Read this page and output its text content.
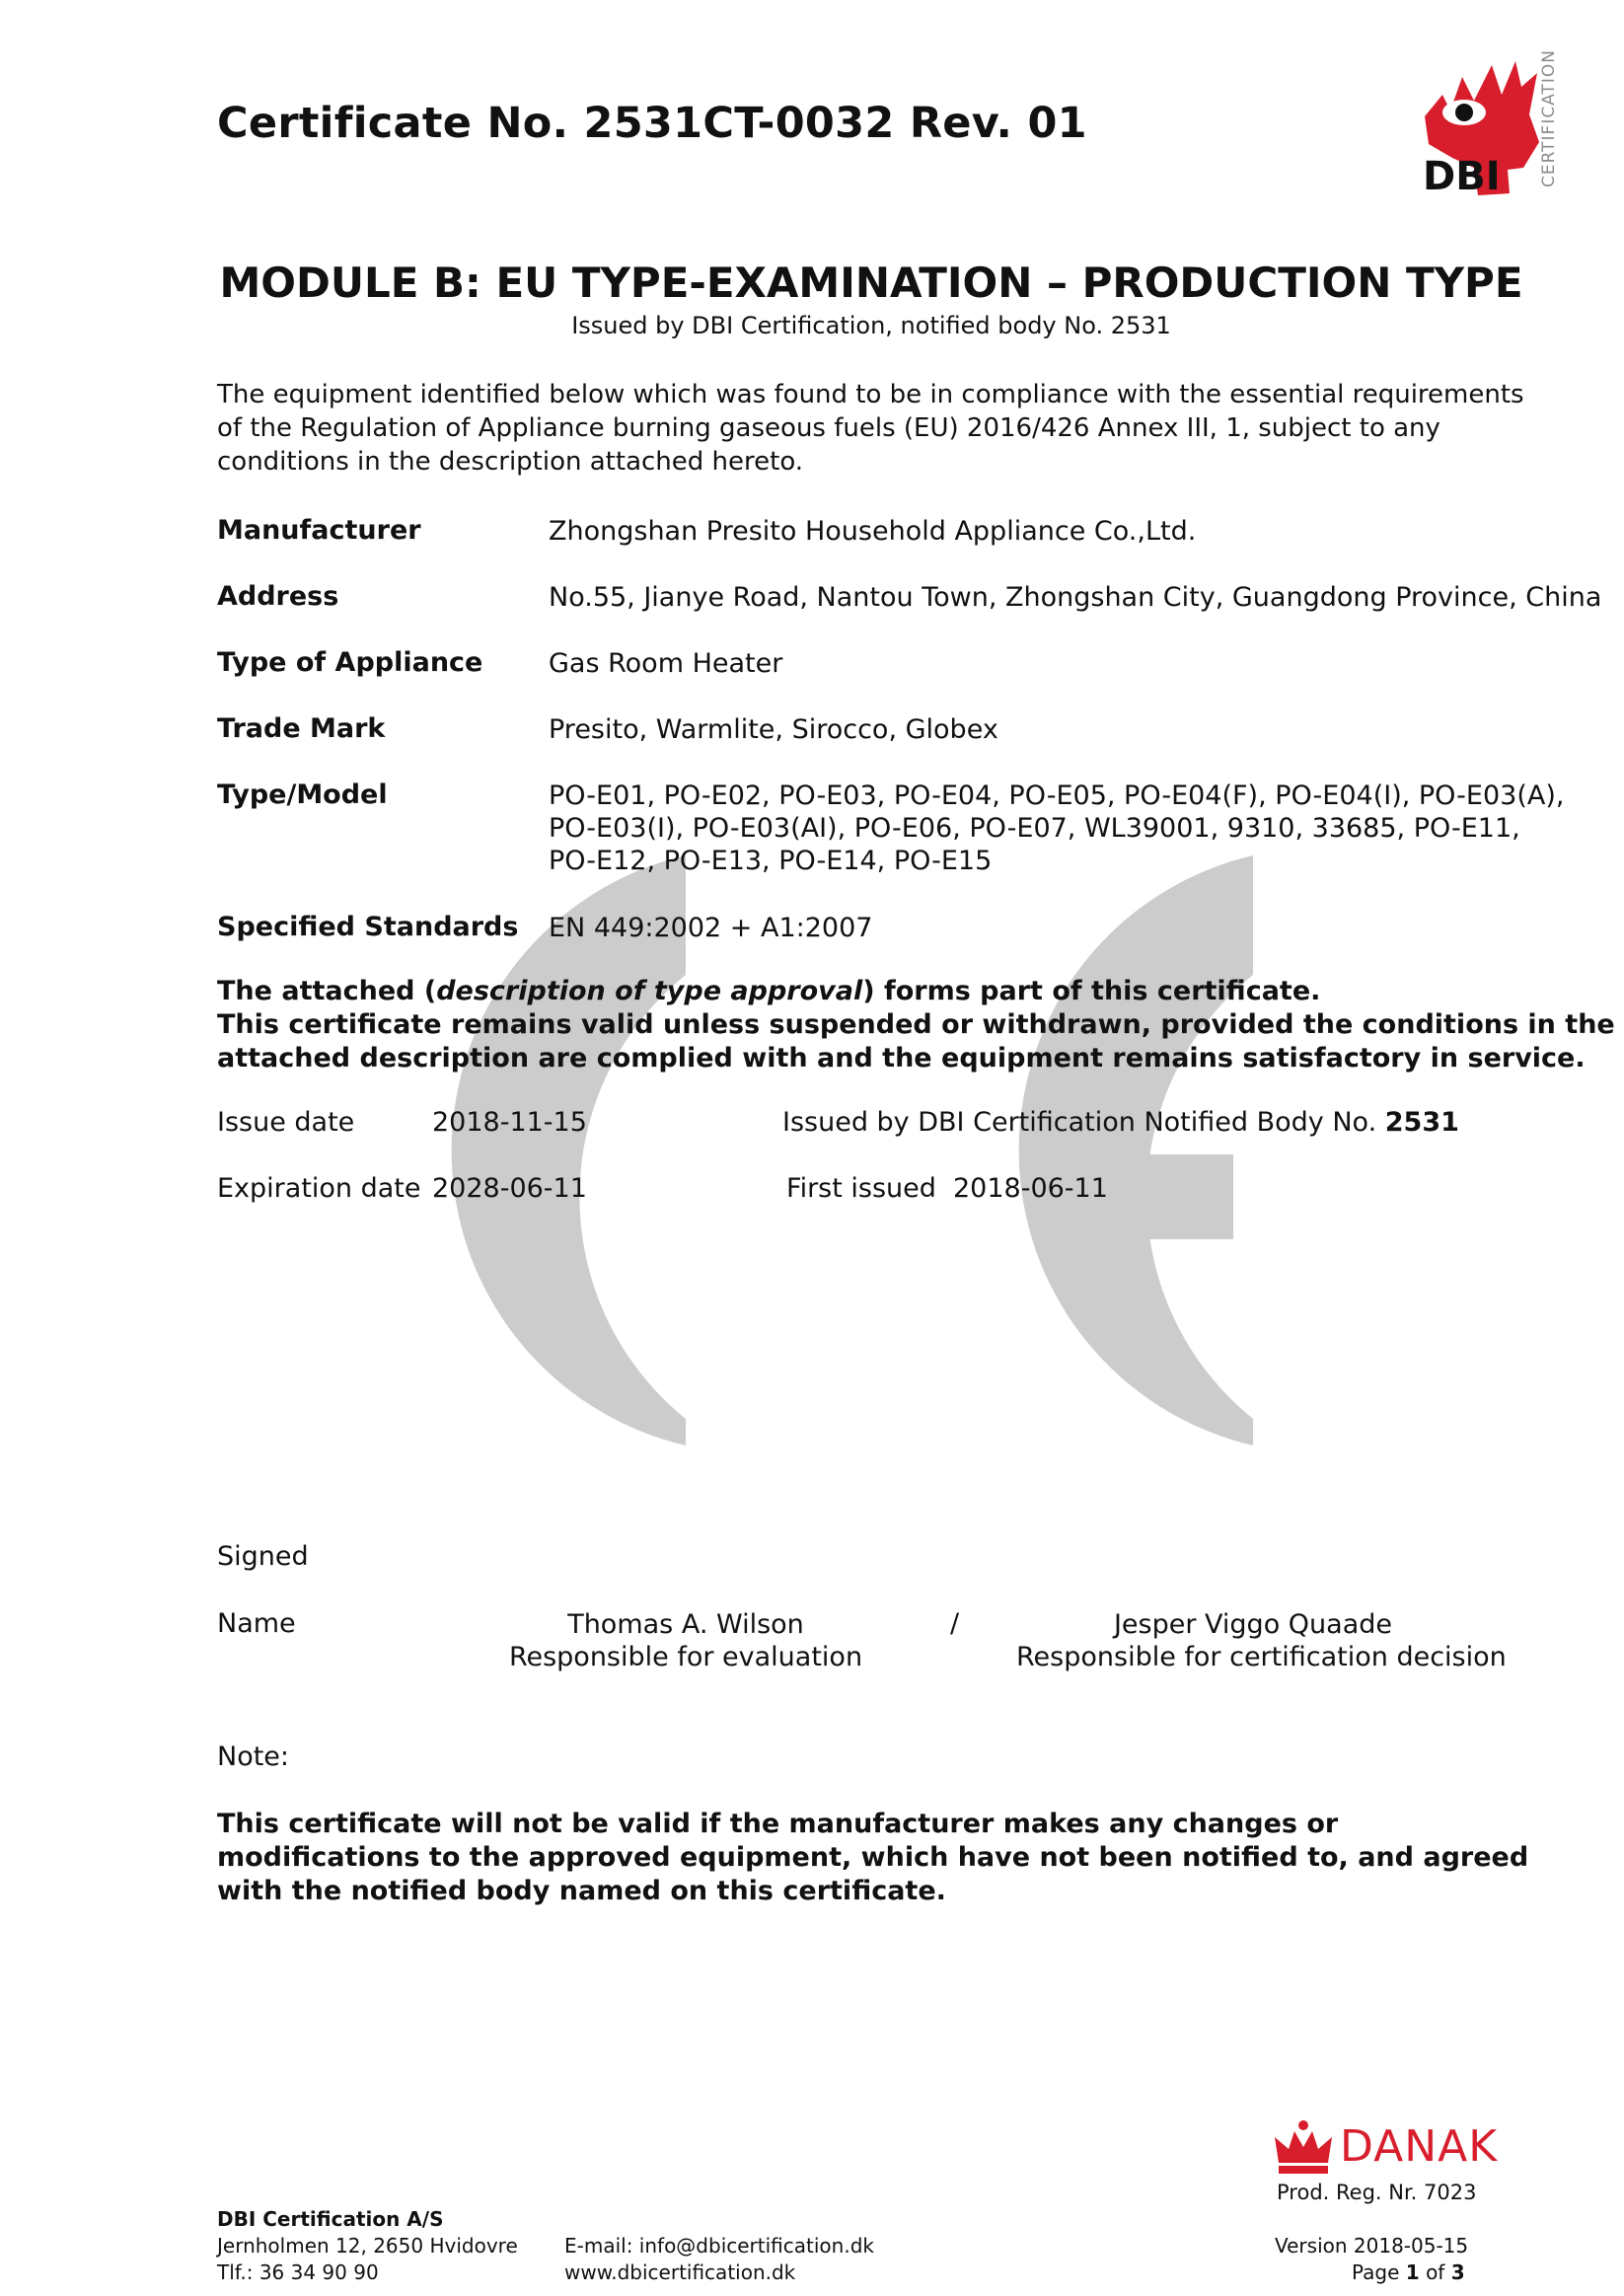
Certificate No. 2531CT-0032 Rev. 01
DBI CERTIFICATION
MODULE B: EU TYPE-EXAMINATION – PRODUCTION TYPE
Issued by DBI Certification, notified body No. 2531
The equipment identified below which was found to be in compliance with the essential requirements of the Regulation of Appliance burning gaseous fuels (EU) 2016/426 Annex III, 1, subject to any conditions in the description attached hereto.
Manufacturer	Zhongshan Presito Household Appliance Co.,Ltd.
Address	No.55, Jianye Road, Nantou Town, Zhongshan City, Guangdong Province, China
Type of Appliance Gas Room Heater
Trade Mark	Presito, Warmlite, Sirocco, Globex
Type/Model	PO-E01, PO-E02, PO-E03, PO-E04, PO-E05, PO-E04(F), PO-E04(I), PO-E03(A),
PO-E03(I), PO-E03(AI), PO-E06, PO-E07, WL39001, 9310, 33685, PO-E11,
PO-E12, PO-E13, PO-E14, PO-E15
Specified Standards EN 449:2002 + A1:2007
The attached (description of type approval) forms part of this certificate.
This certificate remains valid unless suspended or withdrawn, provided the conditions in the
attached description are complied with and the equipment remains satisfactory in service.
Issue date	2018-11-15	Issued by DBI Certification Notified Body No. 2531
Expiration date 2028-06-11	First issued 2018-06-11
Signed
Name	Thomas A. Wilson
Responsible for evaluation
/	Jesper Viggo Quaade
Responsible for certification decision
Note:
This certificate will not be valid if the manufacturer makes any changes or modifications to the approved equipment, which have not been notified to, and agreed with the notified body named on this certificate.
DANAK
Prod. Reg. Nr. 7023
DBI Certification A/S
Jernholmen 12, 2650 Hvidovre
Tlf.: 36 34 90 90
E-mail: info@dbicertification.dk
www.dbicertification.dk
Version 2018-05-15
Page 1 of 3
